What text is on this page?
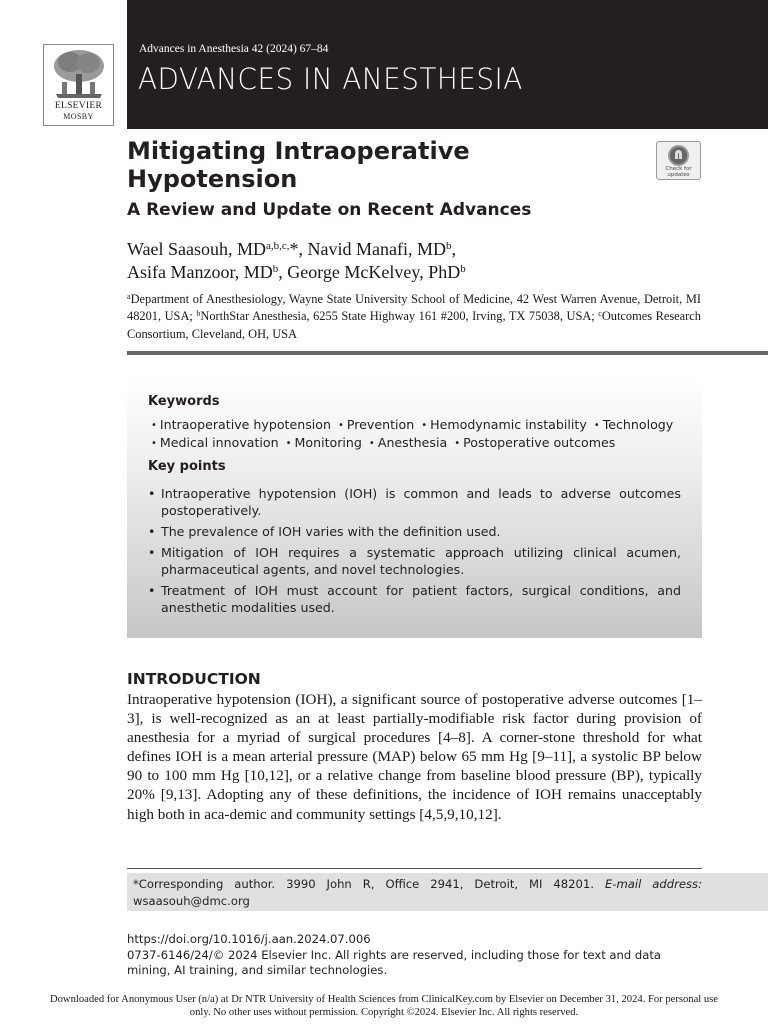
Advances in Anesthesia 42 (2024) 67–84
ADVANCES IN ANESTHESIA
ELSEVIER
MOSBY
Mitigating Intraoperative Hypotension
A Review and Update on Recent Advances
Check for updates
Wael Saasouh, $MD^{a,b,c,}*$, Navid Manafi, $MD^b$,
Asifa Manzoor, $MD^b$, George McKelvey, PhD$^b$
$^a$Department of Anesthesiology, Wayne State University School of Medicine, 42 West Warren Avenue, Detroit, MI 48201, USA; $^b$NorthStar Anesthesia, 6255 State Highway 161 #200, Irving, TX 75038, USA; $^c$Outcomes Research Consortium, Cleveland, OH, USA
Keywords
• Intraoperative hypotension • Prevention • Hemodynamic instability • Technology • Medical innovation • Monitoring • Anesthesia • Postoperative outcomes
Key points
• Intraoperative hypotension (IOH) is common and leads to adverse outcomes postoperatively.
• The prevalence of IOH varies with the definition used.
• Mitigation of IOH requires a systematic approach utilizing clinical acumen, pharmaceutical agents, and novel technologies.
• Treatment of IOH must account for patient factors, surgical conditions, and anesthetic modalities used.
INTRODUCTION
Intraoperative hypotension (IOH), a significant source of postoperative adverse outcomes [1–3], is well-recognized as an at least partially-modifiable risk factor during provision of anesthesia for a myriad of surgical procedures [4–8]. A corner-stone threshold for what defines IOH is a mean arterial pressure (MAP) below 65 mm Hg [9–11], a systolic BP below 90 to 100 mm Hg [10,12], or a relative change from baseline blood pressure (BP), typically 20% [9,13]. Adopting any of these definitions, the incidence of IOH remains unacceptably high both in aca-demic and community settings [4,5,9,10,12].
*Corresponding author. 3990 John R, Office 2941, Detroit, MI 48201. E-mail address: wsaasouh@dmc.org
https://doi.org/10.1016/j.aan.2024.07.006
0737-6146/24/© 2024 Elsevier Inc. All rights are reserved, including those for text and data mining, AI training, and similar technologies.
Downloaded for Anonymous User (n/a) at Dr NTR University of Health Sciences from ClinicalKey.com by Elsevier on December 31, 2024. For personal use only. No other uses without permission. Copyright ©2024. Elsevier Inc. All rights reserved.
